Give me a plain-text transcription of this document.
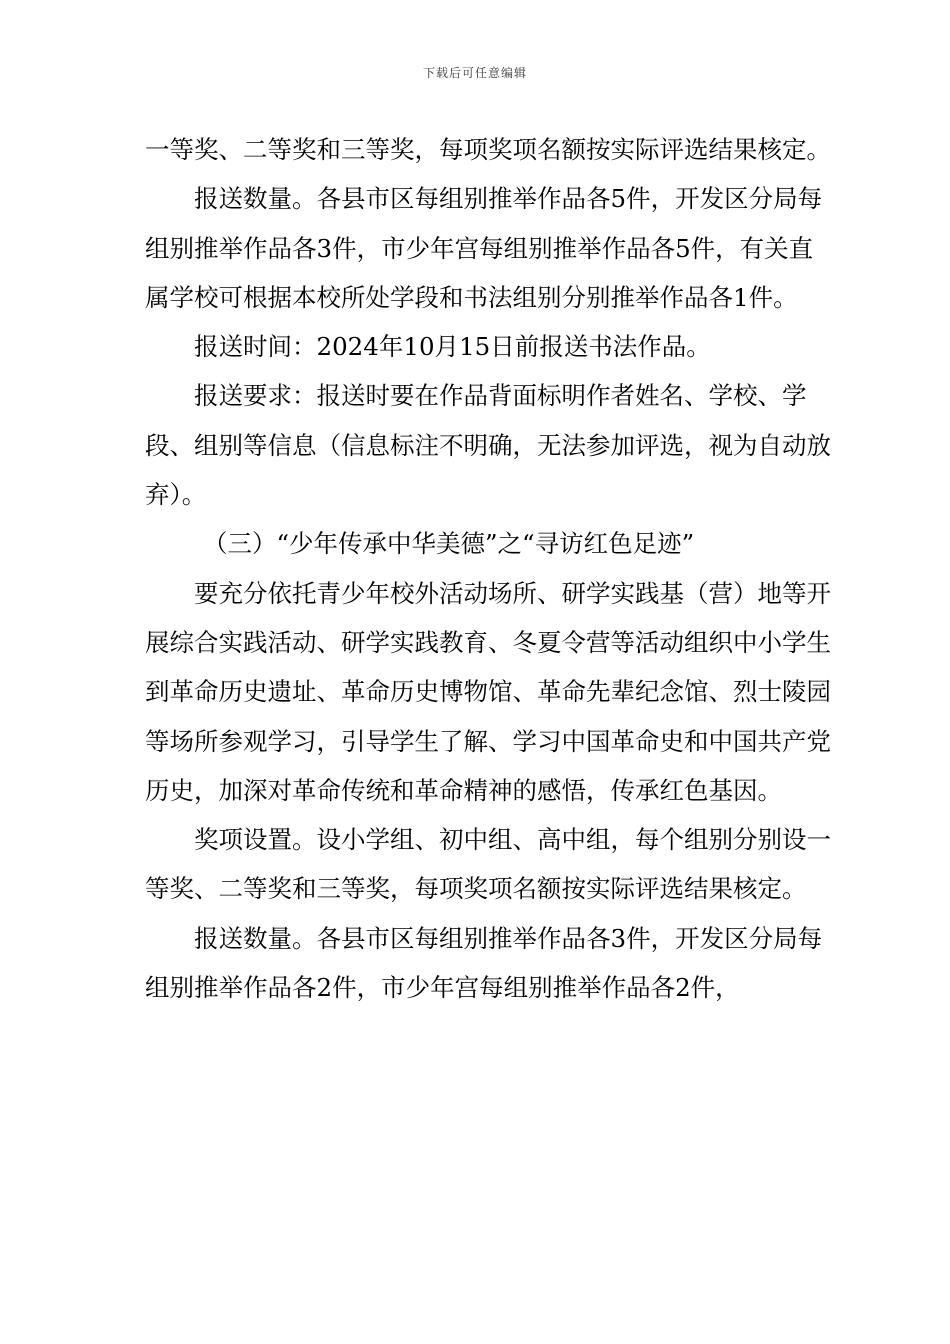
下载后可任意编辑

一等奖、二等奖和三等奖，每项奖项名额按实际评选结果核定。

报送数量。各县市区每组别推举作品各5件，开发区分局每组别推举作品各3件，市少年宫每组别推举作品各5件，有关直属学校可根据本校所处学段和书法组别分别推举作品各1件。

报送时间：2024年10月15日前报送书法作品。

报送要求：报送时要在作品背面标明作者姓名、学校、学段、组别等信息（信息标注不明确，无法参加评选，视为自动放弃）。

（三）“少年传承中华美德”之“寻访红色足迹”

要充分依托青少年校外活动场所、研学实践基（营）地等开展综合实践活动、研学实践教育、冬夏令营等活动组织中小学生到革命历史遗址、革命历史博物馆、革命先辈纪念馆、烈士陵园等场所参观学习，引导学生了解、学习中国革命史和中国共产党历史，加深对革命传统和革命精神的感悟，传承红色基因。

奖项设置。设小学组、初中组、高中组，每个组别分别设一等奖、二等奖和三等奖，每项奖项名额按实际评选结果核定。

报送数量。各县市区每组别推举作品各3件，开发区分局每组别推举作品各2件，市少年宫每组别推举作品各2件，
